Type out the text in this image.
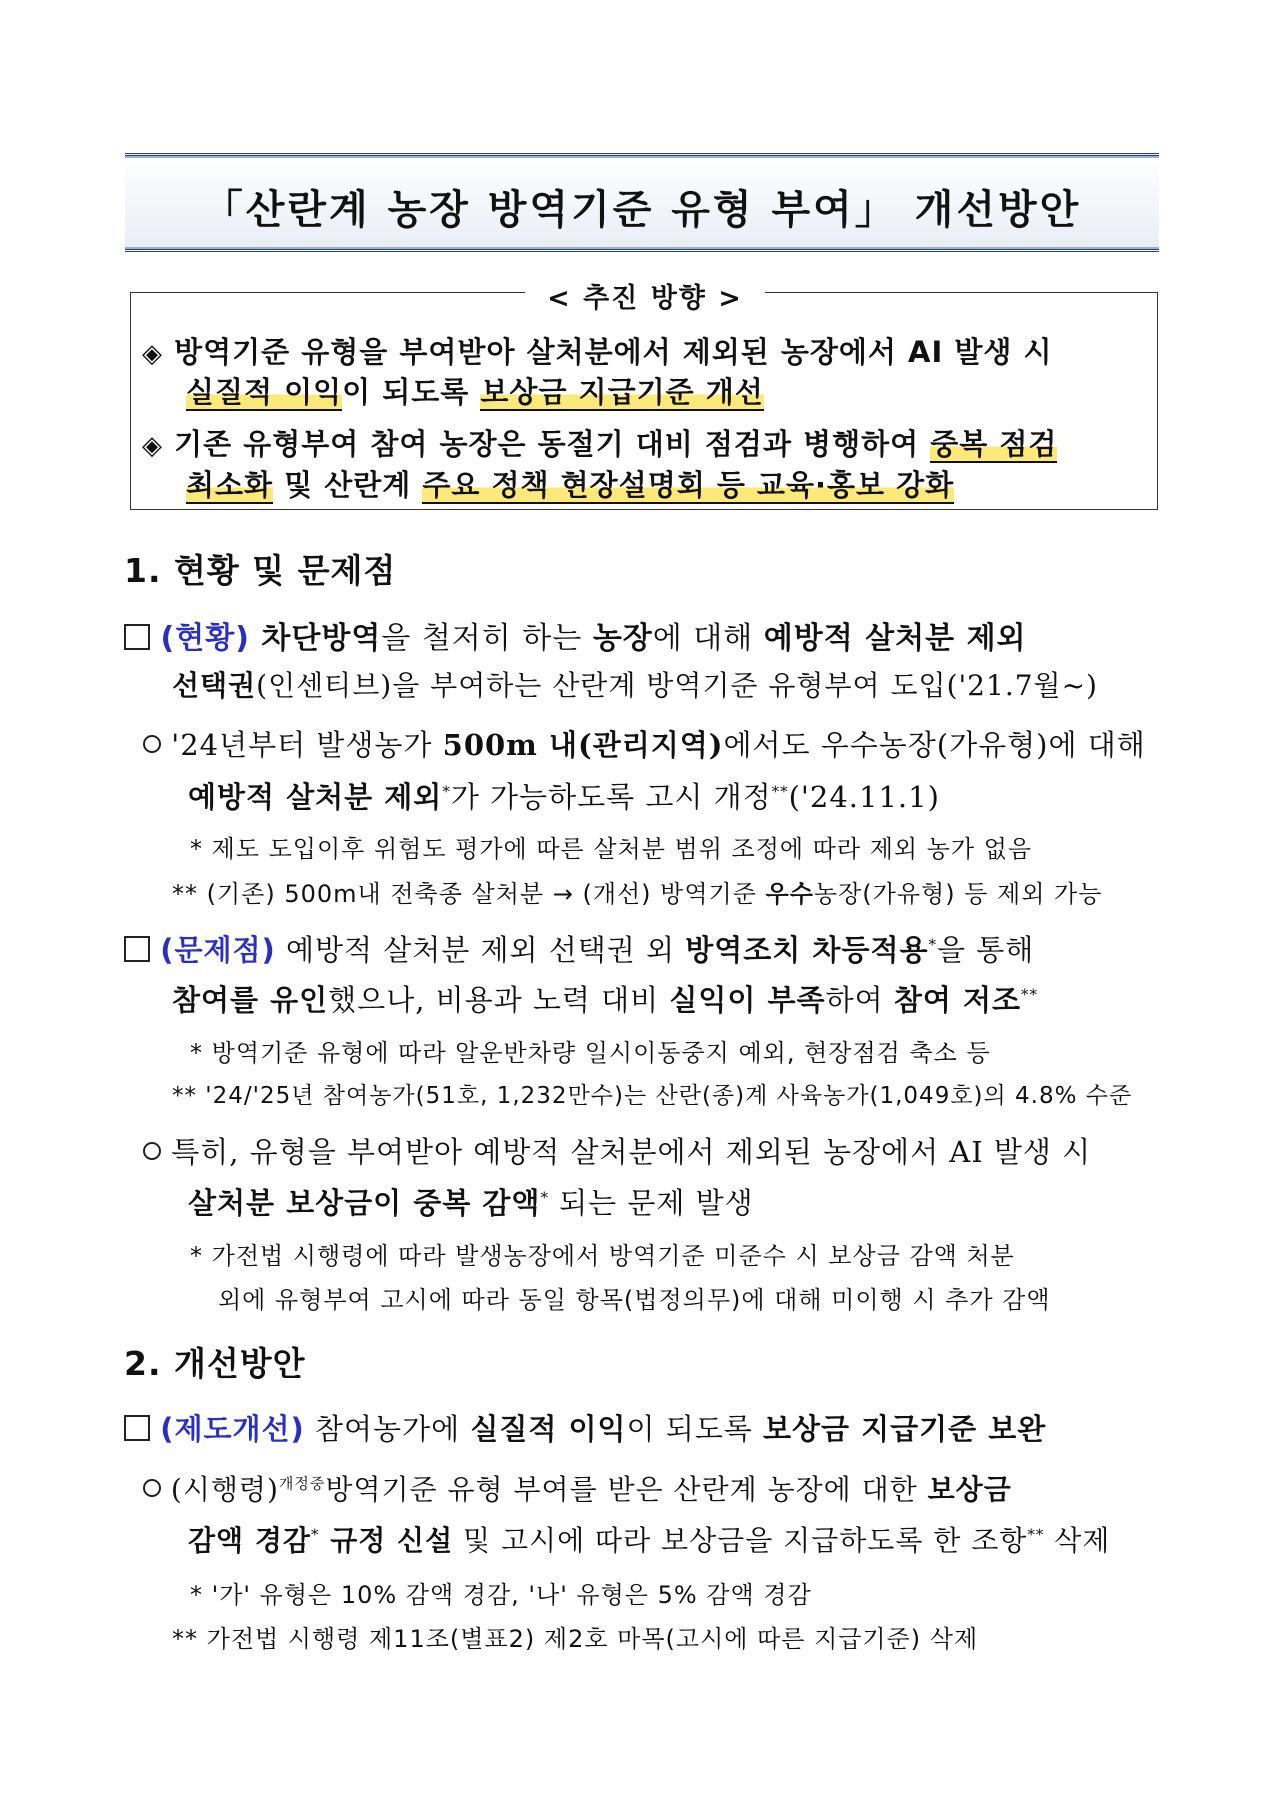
「산란계 농장 방역기준 유형 부여」 개선방안
< 추진 방향 >
◈ 방역기준 유형을 부여받아 살처분에서 제외된 농장에서 AI 발생 시
실질적 이익이 되도록 보상금 지급기준 개선
◈ 기존 유형부여 참여 농장은 동절기 대비 점검과 병행하여 중복 점검
최소화 및 산란계 주요 정책 현장설명회 등 교육·홍보 강화
1. 현황 및 문제점
(현황) 차단방역을 철저히 하는 농장에 대해 예방적 살처분 제외
선택권(인센티브)을 부여하는 산란계 방역기준 유형부여 도입('21.7월~)
'24년부터 발생농가 500m 내(관리지역)에서도 우수농장(가유형)에 대해
예방적 살처분 제외*가 가능하도록 고시 개정**('24.11.1)
* 제도 도입이후 위험도 평가에 따른 살처분 범위 조정에 따라 제외 농가 없음
** (기존) 500m내 전축종 살처분 → (개선) 방역기준 우수농장(가유형) 등 제외 가능
(문제점) 예방적 살처분 제외 선택권 외 방역조치 차등적용*을 통해
참여를 유인했으나, 비용과 노력 대비 실익이 부족하여 참여 저조**
* 방역기준 유형에 따라 알운반차량 일시이동중지 예외, 현장점검 축소 등
** '24/'25년 참여농가(51호, 1,232만수)는 산란(종)계 사육농가(1,049호)의 4.8% 수준
특히, 유형을 부여받아 예방적 살처분에서 제외된 농장에서 AI 발생 시
살처분 보상금이 중복 감액* 되는 문제 발생
* 가전법 시행령에 따라 발생농장에서 방역기준 미준수 시 보상금 감액 처분
외에 유형부여 고시에 따라 동일 항목(법정의무)에 대해 미이행 시 추가 감액
2. 개선방안
(제도개선) 참여농가에 실질적 이익이 되도록 보상금 지급기준 보완
(시행령)$^{개정중}$방역기준 유형 부여를 받은 산란계 농장에 대한 보상금
감액 경감* 규정 신설 및 고시에 따라 보상금을 지급하도록 한 조항** 삭제
* '가' 유형은 10% 감액 경감, '나' 유형은 5% 감액 경감
** 가전법 시행령 제11조(별표2) 제2호 마목(고시에 따른 지급기준) 삭제
